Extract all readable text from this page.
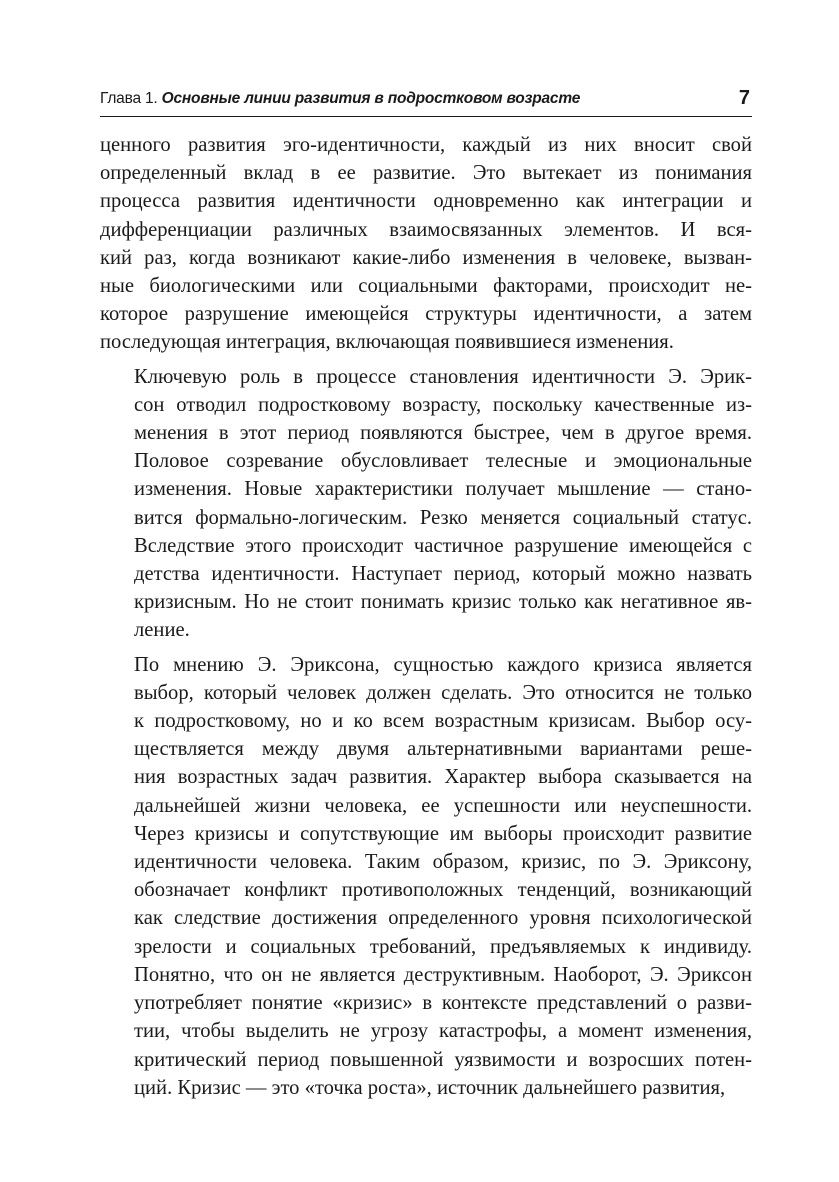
Глава 1. Основные линии развития в подростковом возрасте	7

ценного развития эго-идентичности, каждый из них вносит свой
определенный вклад в ее развитие. Это вытекает из понимания
процесса развития идентичности одновременно как интеграции и
дифференциации различных взаимосвязанных элементов. И вся-
кий раз, когда возникают какие-либо изменения в человеке, вызван-
ные биологическими или социальными факторами, происходит не-
которое разрушение имеющейся структуры идентичности, а затем
последующая интеграция, включающая появившиеся изменения.

Ключевую роль в процессе становления идентичности Э. Эрик-
сон отводил подростковому возрасту, поскольку качественные из-
менения в этот период появляются быстрее, чем в другое время.
Половое созревание обусловливает телесные и эмоциональные
изменения. Новые характеристики получает мышление — стано-
вится формально-логическим. Резко меняется социальный статус.
Вследствие этого происходит частичное разрушение имеющейся с
детства идентичности. Наступает период, который можно назвать
кризисным. Но не стоит понимать кризис только как негативное яв-
ление.

По мнению Э. Эриксона, сущностью каждого кризиса является
выбор, который человек должен сделать. Это относится не только
к подростковому, но и ко всем возрастным кризисам. Выбор осу-
ществляется между двумя альтернативными вариантами реше-
ния возрастных задач развития. Характер выбора сказывается на
дальнейшей жизни человека, ее успешности или неуспешности.
Через кризисы и сопутствующие им выборы происходит развитие
идентичности человека. Таким образом, кризис, по Э. Эриксону,
обозначает конфликт противоположных тенденций, возникающий
как следствие достижения определенного уровня психологической
зрелости и социальных требований, предъявляемых к индивиду.
Понятно, что он не является деструктивным. Наоборот, Э. Эриксон
употребляет понятие «кризис» в контексте представлений о разви-
тии, чтобы выделить не угрозу катастрофы, а момент изменения,
критический период повышенной уязвимости и возросших потен-
ций. Кризис — это «точка роста», источник дальнейшего развития,
